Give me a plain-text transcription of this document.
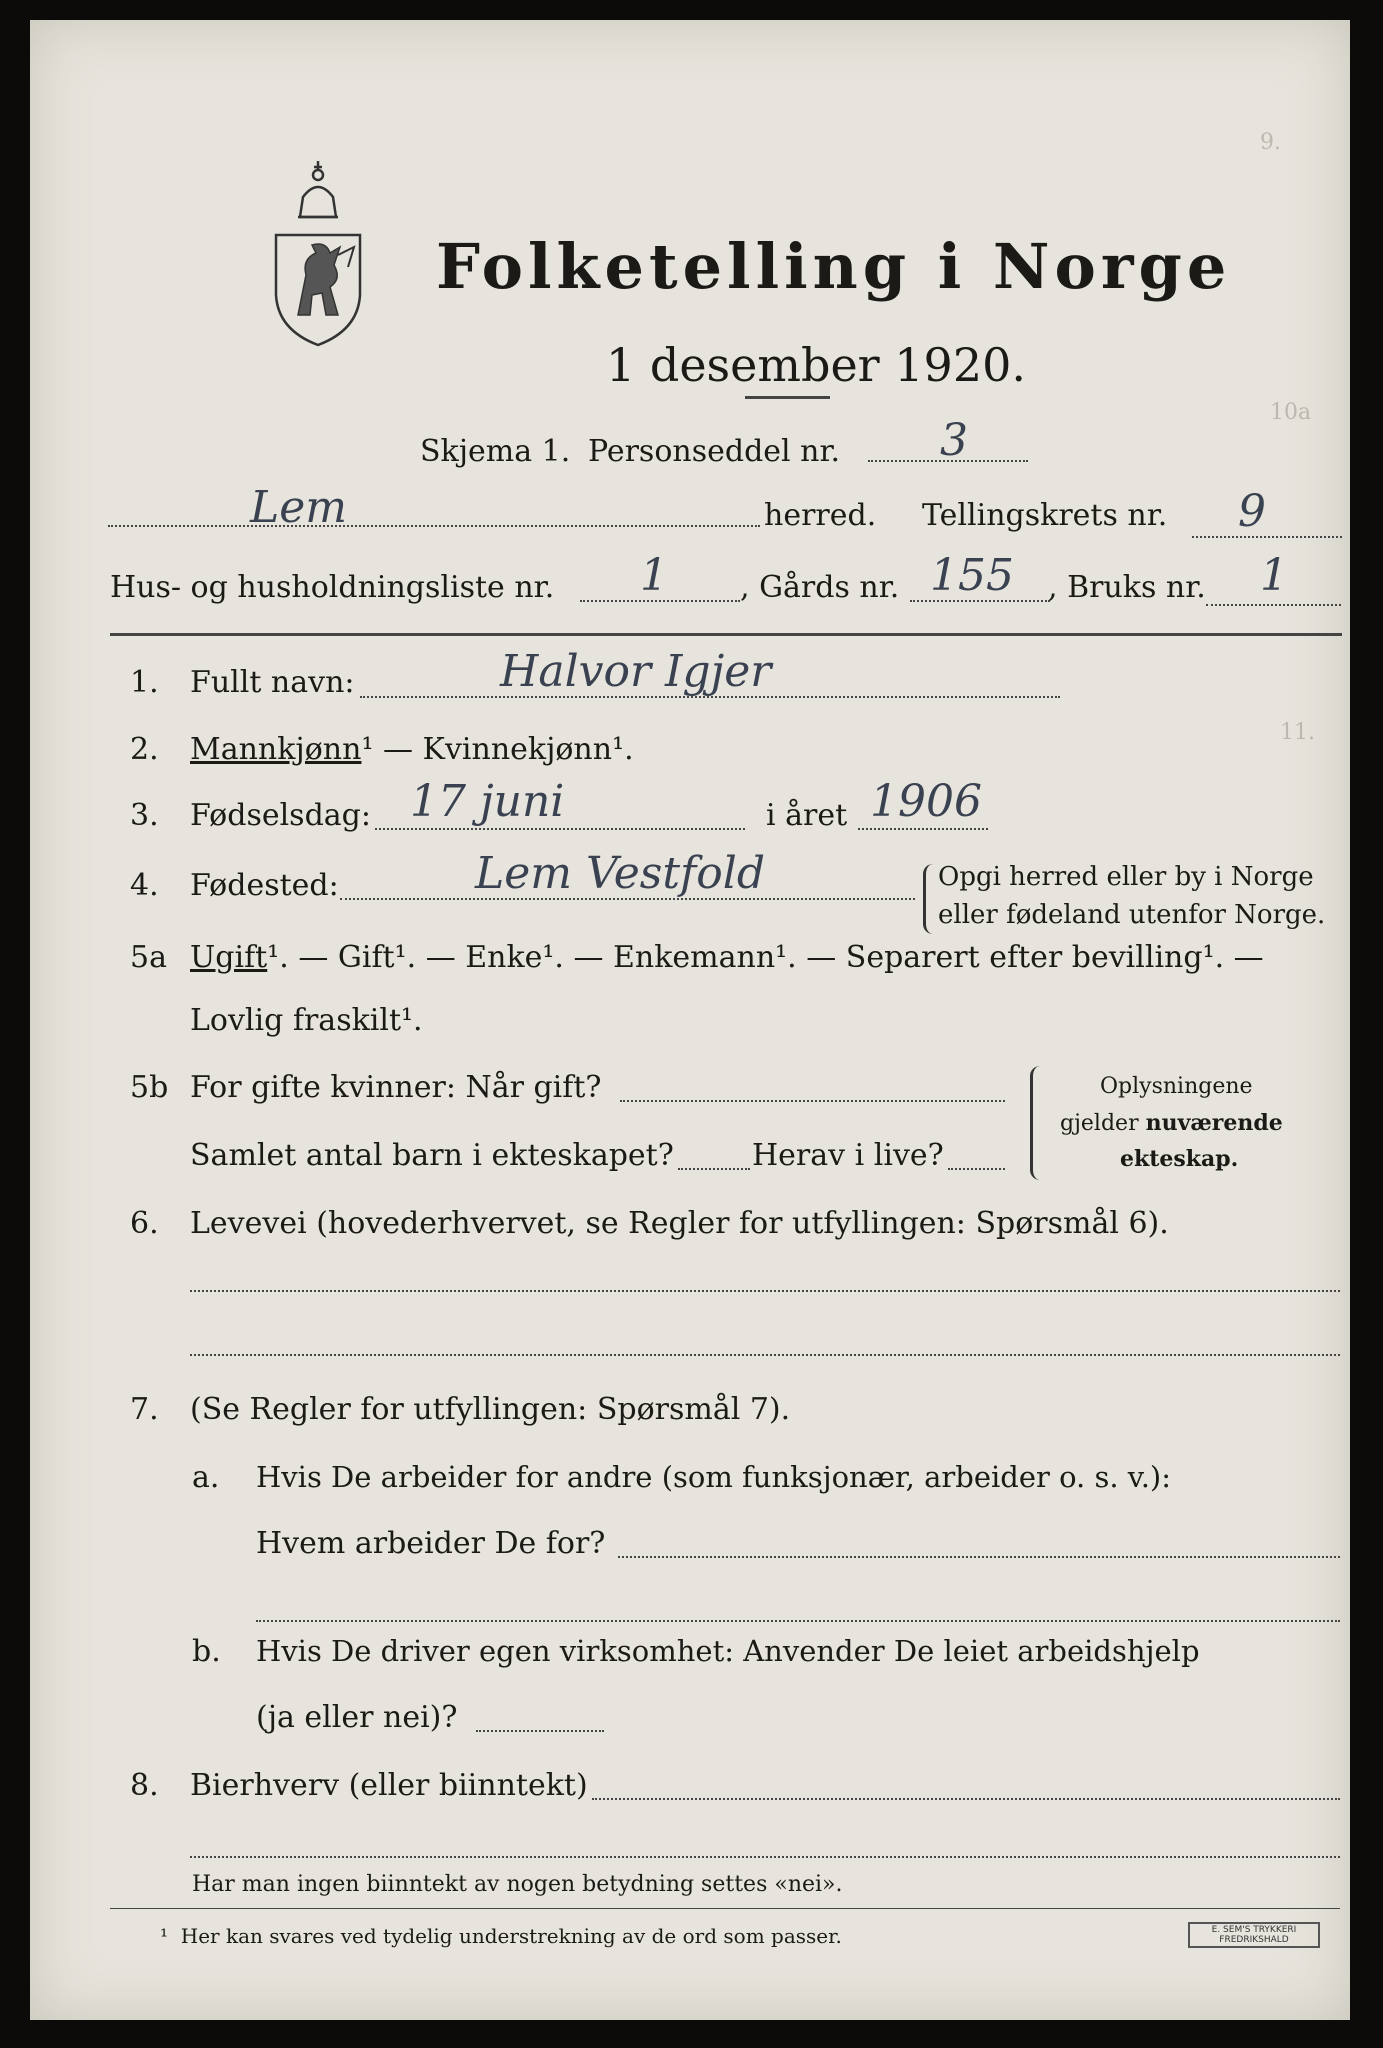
9.
10a
11.
Folketelling i Norge
1 desember 1920.
Skjema 1. Personseddel nr. 3
Lem	herred. Tellingskrets nr. 9
Hus- og husholdningsliste nr. 1 , Gårds nr. 155 , Bruks nr. 1
1. Fullt navn:	Halvor Igjer
2. Mannkjønn¹ — Kvinnekjønn¹.
3. Fødselsdag: 17 juni	i året 1906
4. Fødested:	Lem Vestfold	Opgi herred eller by i Norge
eller fødeland utenfor Norge.
5a Ugift¹. — Gift¹. — Enke¹. — Enkemann¹. — Separert efter bevilling¹. —
Lovlig fraskilt¹.
5b For gifte kvinner: Når gift?
Samlet antal barn i ekteskapet?	Herav i live?
Oplysningene
gjelder nuværende
ekteskap.
6. Levevei (hovederhvervet, se Regler for utfyllingen: Spørsmål 6).
7. (Se Regler for utfyllingen: Spørsmål 7).
a. Hvis De arbeider for andre (som funksjonær, arbeider o. s. v.):
Hvem arbeider De for?
b. Hvis De driver egen virksomhet: Anvender De leiet arbeidshjelp
(ja eller nei)?
8. Bierhverv (eller biinntekt)
Har man ingen biinntekt av nogen betydning settes «nei».
¹ Her kan svares ved tydelig understrekning av de ord som passer.	E. SEM'S TRYKKERI
FREDRIKSHALD
